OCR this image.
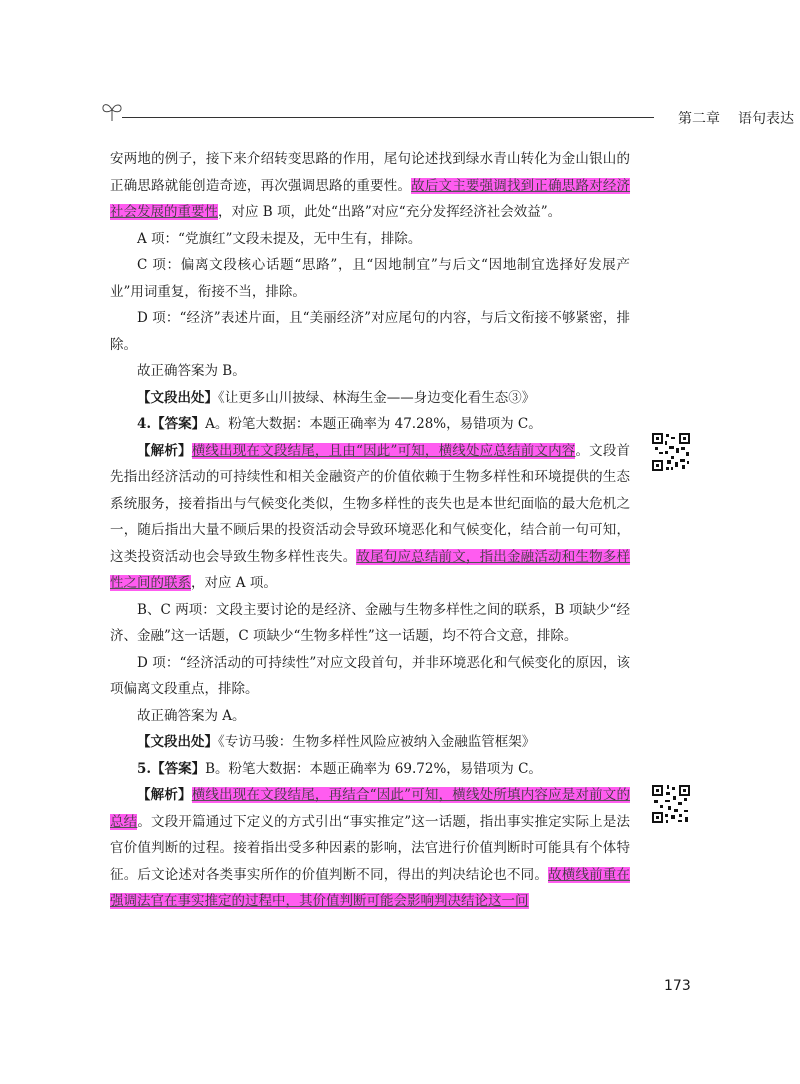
第二章 语句表达

安两地的例子，接下来介绍转变思路的作用，尾句论述找到绿水青山转化为金山银山的正确思路就能创造奇迹，再次强调思路的重要性。故后文主要强调找到正确思路对经济社会发展的重要性，对应 B 项，此处“出路”对应“充分发挥经济社会效益”。

A 项：“党旗红”文段未提及，无中生有，排除。

C 项：偏离文段核心话题“思路”，且“因地制宜”与后文“因地制宜选择好发展产业”用词重复，衔接不当，排除。

D 项：“经济”表述片面，且“美丽经济”对应尾句的内容，与后文衔接不够紧密，排除。

故正确答案为 B。

【文段出处】《让更多山川披绿、林海生金——身边变化看生态③》

4.【答案】A。粉笔大数据：本题正确率为 47.28%，易错项为 C。

【解析】横线出现在文段结尾，且由“因此”可知，横线处应总结前文内容。文段首先指出经济活动的可持续性和相关金融资产的价值依赖于生物多样性和环境提供的生态系统服务，接着指出与气候变化类似，生物多样性的丧失也是本世纪面临的最大危机之一，随后指出大量不顾后果的投资活动会导致环境恶化和气候变化，结合前一句可知，这类投资活动也会导致生物多样性丧失。故尾句应总结前文，指出金融活动和生物多样性之间的联系，对应 A 项。

B、C 两项：文段主要讨论的是经济、金融与生物多样性之间的联系，B 项缺少“经济、金融”这一话题，C 项缺少“生物多样性”这一话题，均不符合文意，排除。

D 项：“经济活动的可持续性”对应文段首句，并非环境恶化和气候变化的原因，该项偏离文段重点，排除。

故正确答案为 A。

【文段出处】《专访马骏：生物多样性风险应被纳入金融监管框架》

5.【答案】B。粉笔大数据：本题正确率为 69.72%，易错项为 C。

【解析】横线出现在文段结尾，再结合“因此”可知，横线处所填内容应是对前文的总结。文段开篇通过下定义的方式引出“事实推定”这一话题，指出事实推定实际上是法官价值判断的过程。接着指出受多种因素的影响，法官进行价值判断时可能具有个体特征。后文论述对各类事实所作的价值判断不同，得出的判决结论也不同。故横线前重在强调法官在事实推定的过程中，其价值判断可能会影响判决结论这一问

173
